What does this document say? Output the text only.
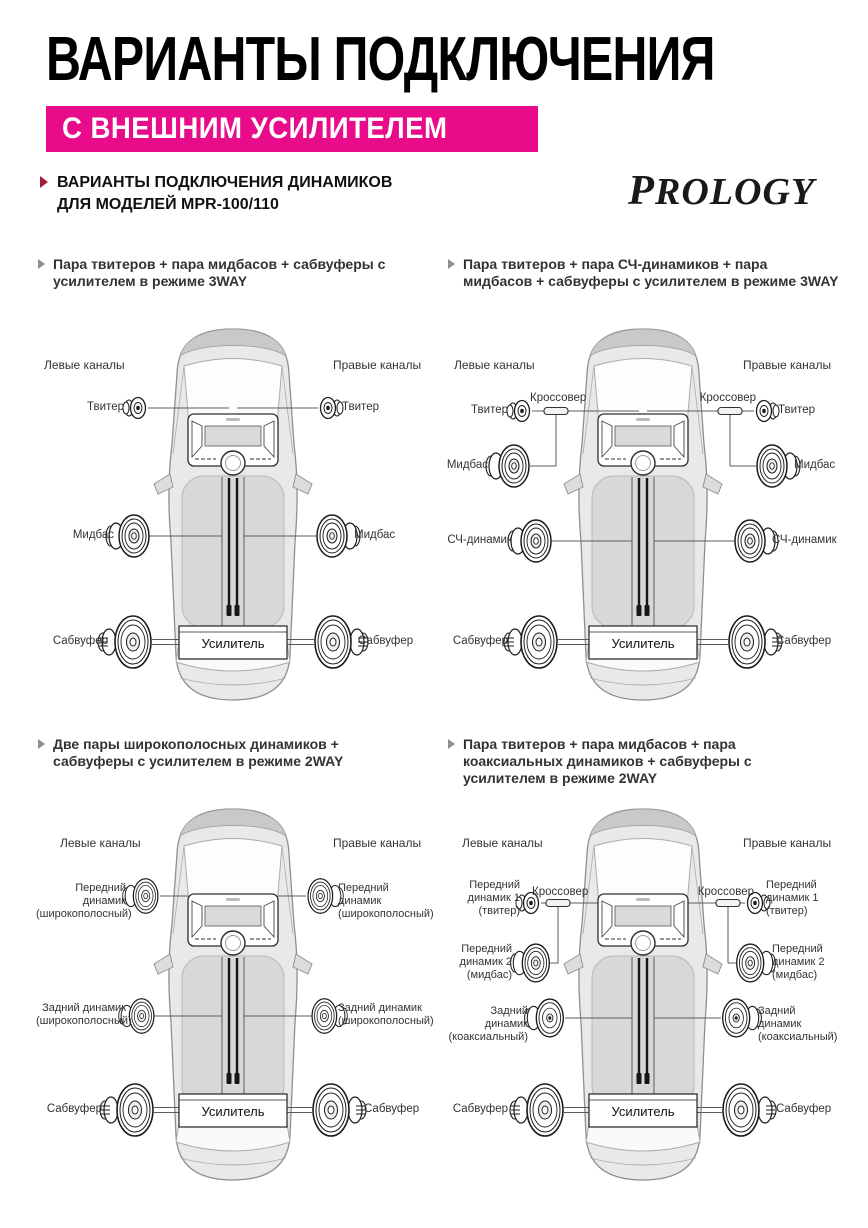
ВАРИАНТЫ ПОДКЛЮЧЕНИЯ
С ВНЕШНИМ УСИЛИТЕЛЕМ
ВАРИАНТЫ ПОДКЛЮЧЕНИЯ ДИНАМИКОВ
ДЛЯ МОДЕЛЕЙ MPR-100/110	PROLOGY

Пара твитеров + пара мидбасов + сабвуферы с усилителем в режиме 3WAY

Усилитель
Левые каналы	Правые каналы
Твитер	Твитер
Мидбас	Мидбас
Сабвуфер	Сабвуфер

Пара твитеров + пара СЧ-динамиков + пара мидбасов + сабвуферы с усилителем в режиме 3WAY

Усилитель
Левые каналы	Правые каналы
Кроссовер	Кроссовер
Твитер	Твитер
Мидбас	Мидбас
СЧ-динамик	СЧ-динамик
Сабвуфер	Сабвуфер

Две пары широкополосных динамиков + сабвуферы с усилителем в режиме 2WAY

Усилитель
Левые каналы	Правые каналы
Передний динамик (широкополосный)
Передний динамик (широкополосный)
Задний динамик (широкополосный)
Задний динамик (широкополосный)
Сабвуфер	Сабвуфер

Пара твитеров + пара мидбасов + пара коаксиальных динамиков + сабвуферы с усилителем в режиме 2WAY

Усилитель
Левые каналы	Правые каналы
Кроссовер	Кроссовер
Передний динамик 1 (твитер)
Передний динамик 1 (твитер)
Передний динамик 2 (мидбас)
Передний динамик 2 (мидбас)
Задний динамик (коаксиальный)
Задний динамик (коаксиальный)
Сабвуфер	Сабвуфер
